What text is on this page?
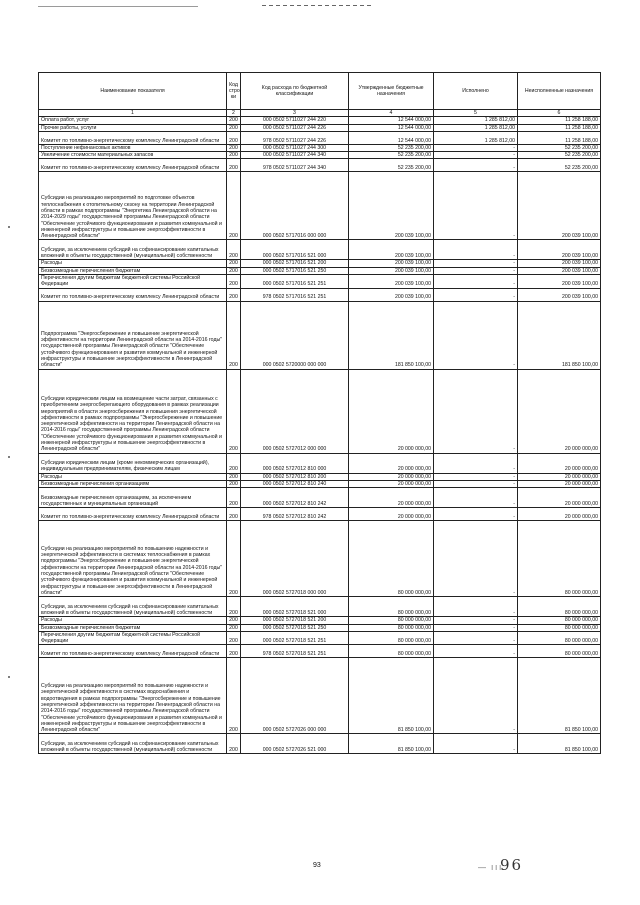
Наименование показателя	Код стро ки	Код расхода по бюджетной классификации	Утвержденные бюджетные назначения	Исполнено	Неисполненные назначения
1	2	3	4	5	6
Оплата работ, услуг	200	000 0502 5711027 244 220	12 544 000,00	1 285 812,00	11 258 188,00
Прочие работы, услуги	200	000 0502 5711027 244 226	12 544 000,00	1 285 812,00	11 258 188,00
Комитет по топливно-энергетическому комплексу Ленинградской области	200	978 0502 5711027 244 226	12 544 000,00	1 285 812,00	11 258 188,00
Поступление нефинансовых активов	200	000 0502 5711027 244 300	52 235 200,00	-	52 235 200,00
Увеличение стоимости материальных запасов	200	000 0502 5711027 244 340	52 235 200,00	-	52 235 200,00
Комитет по топливно-энергетическому комплексу Ленинградской области	200	978 0502 5711027 244 340	52 235 200,00	-	52 235 200,00
Субсидии на реализацию мероприятий по подготовке объектов теплоснабжения к отопительному сезону на территории Ленинградской области в рамках подпрограммы "Энергетика Ленинградской области на 2014-2029 годы" государственной программы Ленинградской области "Обеспечение устойчивого функционирования и развития коммунальной и инженерной инфраструктуры и повышение энергоэффективности в Ленинградской области"	200	000 0502 5717016 000 000	200 039 100,00	-	200 039 100,00
Субсидии, за исключением субсидий на софинансирование капитальных вложений в объекты государственной (муниципальной) собственности	200	000 0502 5717016 521 000	200 039 100,00	-	200 039 100,00
Расходы	200	000 0502 5717016 521 200	200 039 100,00	-	200 039 100,00
Безвозмездные перечисления бюджетам	200	000 0502 5717016 521 250	200 039 100,00	-	200 039 100,00
Перечисления другим бюджетам бюджетной системы Российской Федерации	200	000 0502 5717016 521 251	200 039 100,00	-	200 039 100,00
Комитет по топливно-энергетическому комплексу Ленинградской области	200	978 0502 5717016 521 251	200 039 100,00	-	200 039 100,00
Подпрограмма "Энергосбережение и повышение энергетической эффективности на территории Ленинградской области на 2014-2016 годы" государственной программы Ленинградской области "Обеспечение устойчивого функционирования и развития коммунальной и инженерной инфраструктуры и повышение энергоэффективности в Ленинградской области"	200	000 0502 5720000 000 000	181 850 100,00	-	181 850 100,00
Субсидии юридическим лицам на возмещение части затрат, связанных с приобретением энергосберегающего оборудования в рамках реализации мероприятий в области энергосбережения и повышения энергетической эффективности в рамках подпрограммы "Энергосбережение и повышение энергетической эффективности на территории Ленинградской области на 2014-2016 годы" государственной программы Ленинградской области "Обеспечение устойчивого функционирования и развития коммунальной и инженерной инфраструктуры и повышение энергоэффективности в Ленинградской области"	200	000 0502 5727012 000 000	20 000 000,00	-	20 000 000,00
Субсидии юридическим лицам (кроме некоммерческих организаций), индивидуальным предпринимателям, физическим лицам	200	000 0502 5727012 810 000	20 000 000,00	-	20 000 000,00
Расходы	200	000 0502 5727012 810 200	20 000 000,00	-	20 000 000,00
Безвозмездные перечисления организациям	200	000 0502 5727012 810 240	20 000 000,00	-	20 000 000,00
Безвозмездные перечисления организациям, за исключением государственных и муниципальных организаций	200	000 0502 5727012 810 242	20 000 000,00	-	20 000 000,00
Комитет по топливно-энергетическому комплексу Ленинградской области	200	978 0502 5727012 810 242	20 000 000,00	-	20 000 000,00
Субсидии на реализацию мероприятий по повышению надежности и энергетической эффективности в системах теплоснабжения в рамках подпрограммы "Энергосбережение и повышение энергетической эффективности на территории Ленинградской области на 2014-2016 годы" государственной программы Ленинградской области "Обеспечение устойчивого функционирования и развития коммунальной и инженерной инфраструктуры и повышение энергоэффективности в Ленинградской области"	200	000 0502 5727018 000 000	80 000 000,00	-	80 000 000,00
Субсидии, за исключением субсидий на софинансирование капитальных вложений в объекты государственной (муниципальной) собственности	200	000 0502 5727018 521 000	80 000 000,00	-	80 000 000,00
Расходы	200	000 0502 5727018 521 200	80 000 000,00	-	80 000 000,00
Безвозмездные перечисления бюджетам	200	000 0502 5727018 521 250	80 000 000,00	-	80 000 000,00
Перечисления другим бюджетам бюджетной системы Российской Федерации	200	000 0502 5727018 521 251	80 000 000,00	-	80 000 000,00
Комитет по топливно-энергетическому комплексу Ленинградской области	200	978 0502 5727018 521 251	80 000 000,00	-	80 000 000,00
Субсидии на реализацию мероприятий по повышению надежности и энергетической эффективности в системах водоснабжения и водоотведения в рамках подпрограммы "Энергосбережение и повышение энергетической эффективности на территории Ленинградской области на 2014-2016 годы" государственной программы Ленинградской области "Обеспечение устойчивого функционирования и развития коммунальной и инженерной инфраструктуры и повышение энергоэффективности в Ленинградской области"	200	000 0502 5727026 000 000	81 850 100,00	-	81 850 100,00
Субсидии, за исключением субсидий на софинансирование капитальных вложений в объекты государственной (муниципальной) собственности	200	000 0502 5727026 521 000	81 850 100,00	-	81 850 100,00
93	— ।।।
96
